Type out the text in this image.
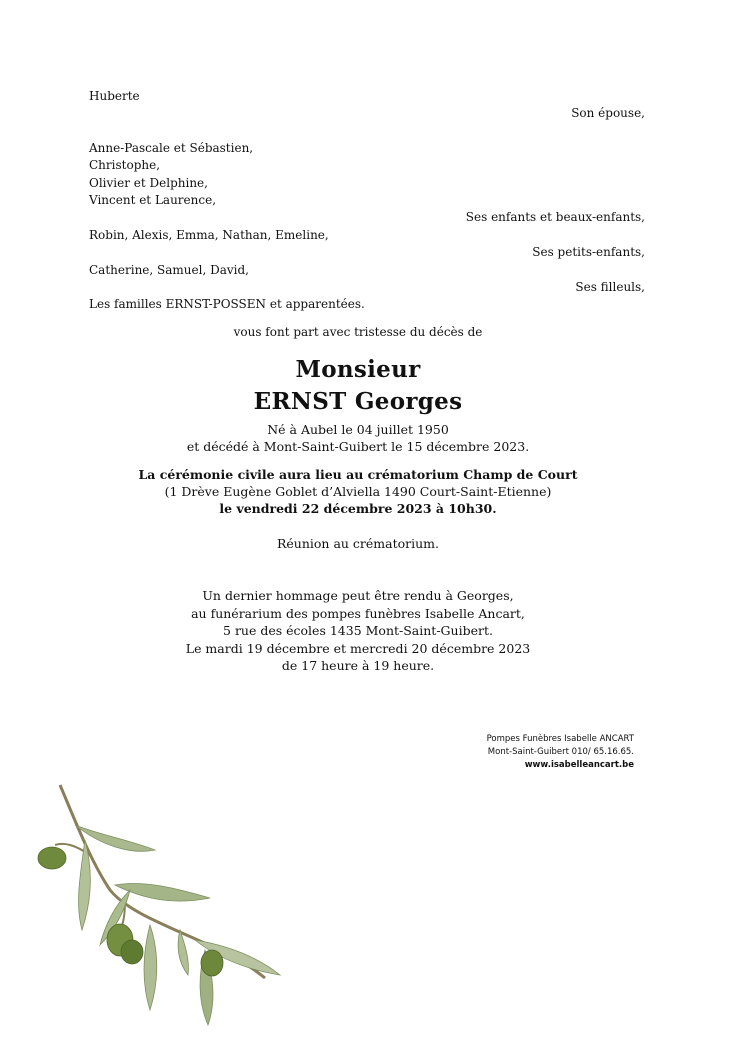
Huberte
Son épouse,
Anne-Pascale et Sébastien,
Christophe,
Olivier et Delphine,
Vincent et Laurence,
Ses enfants et beaux-enfants,
Robin, Alexis, Emma, Nathan, Emeline,
Ses petits-enfants,
Catherine, Samuel, David,
Ses filleuls,
Les familles ERNST-POSSEN et apparentées.
vous font part avec tristesse du décès de
Monsieur
ERNST Georges
Né à Aubel le 04 juillet 1950
et décédé à Mont-Saint-Guibert le 15 décembre 2023.
La cérémonie civile aura lieu au crématorium Champ de Court
(1 Drève Eugène Goblet d’Alviella 1490 Court-Saint-Etienne)
le vendredi 22 décembre 2023 à 10h30.
Réunion au crématorium.
Un dernier hommage peut être rendu à Georges,
au funérarium des pompes funèbres Isabelle Ancart,
5 rue des écoles 1435 Mont-Saint-Guibert.
Le mardi 19 décembre et mercredi 20 décembre 2023
de 17 heure à 19 heure.
Pompes Funèbres Isabelle ANCART
Mont-Saint-Guibert 010/ 65.16.65.
www.isabelleancart.be
